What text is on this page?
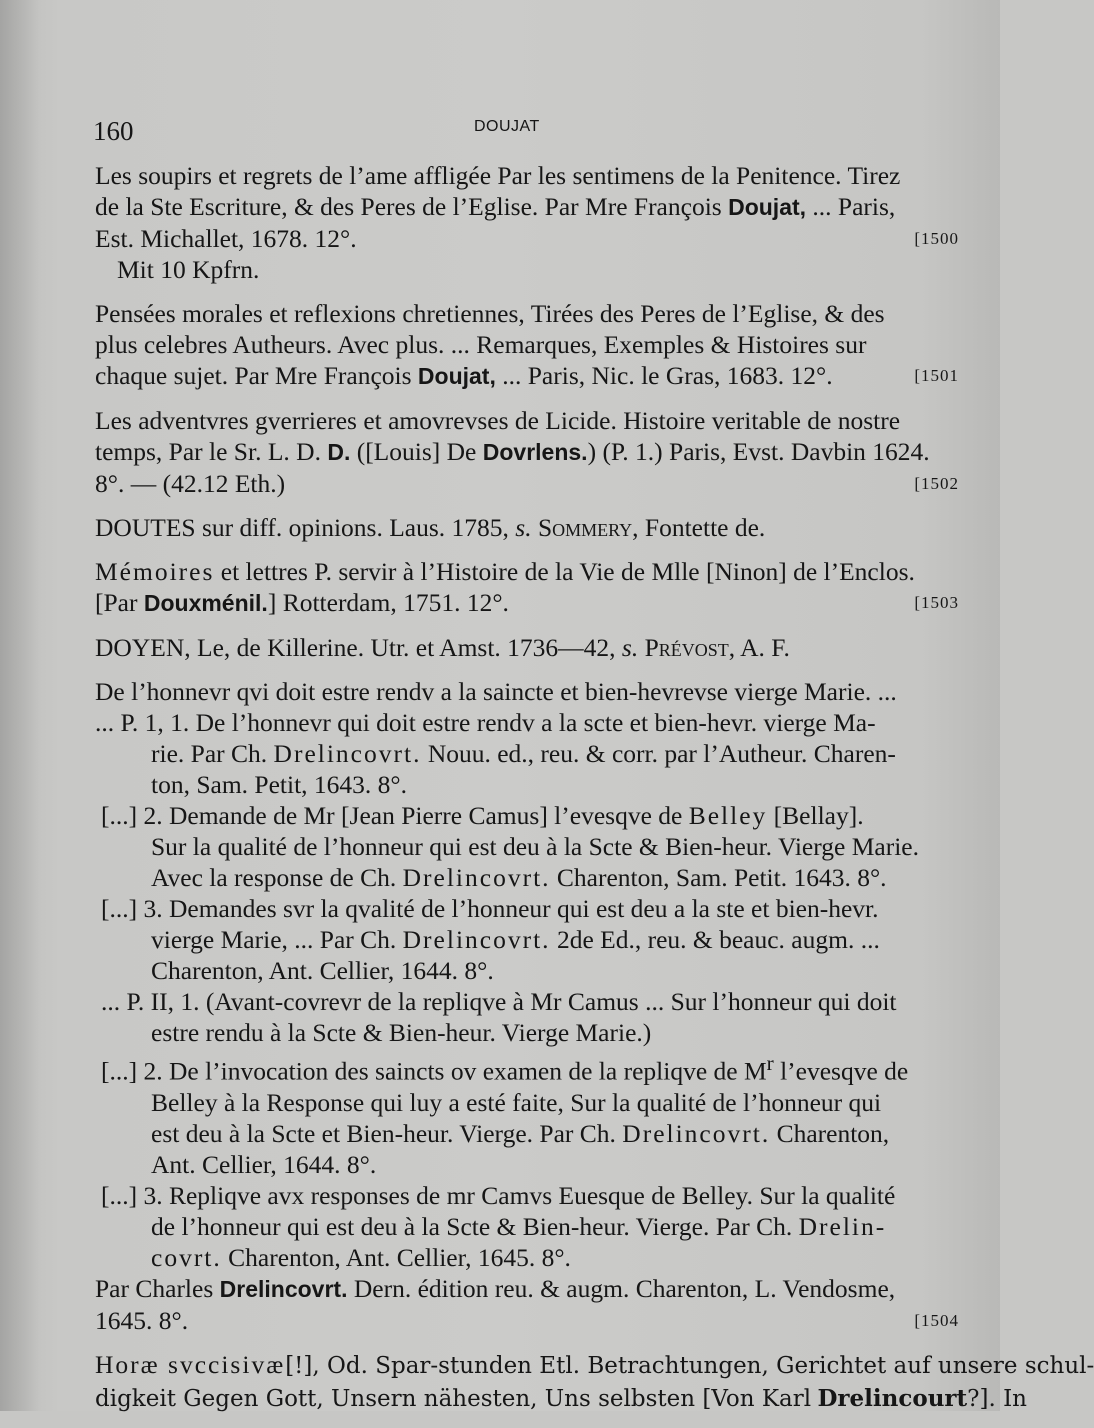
160	DOUJAT
Les soupirs et regrets de l’ame affligée Par les sentimens de la Penitence. Tirez
de la Ste Escriture, & des Peres de l’Eglise. Par Mre François Doujat, ... Paris,
Est. Michallet, 1678. 12°.	[1500
Mit 10 Kpfrn.
Pensées morales et reflexions chretiennes, Tirées des Peres de l’Eglise, & des
plus celebres Autheurs. Avec plus. ... Remarques, Exemples & Histoires sur
chaque sujet. Par Mre François Doujat, ... Paris, Nic. le Gras, 1683. 12°.	[1501
Les adventvres gverrieres et amovrevses de Licide. Histoire veritable de nostre
temps, Par le Sr. L. D. D. ([Louis] De Dovrlens.) (P. 1.) Paris, Evst. Davbin 1624.
8°. — (42.12 Eth.)	[1502
DOUTES sur diff. opinions. Laus. 1785, s. Sommery, Fontette de.
Mémoires et lettres P. servir à l’Histoire de la Vie de Mlle [Ninon] de l’Enclos.
[Par Douxménil.] Rotterdam, 1751. 12°.	[1503
DOYEN, Le, de Killerine. Utr. et Amst. 1736—42, s. Prévost, A. F.
De l’honnevr qvi doit estre rendv a la saincte et bien-hevrevse vierge Marie. ...
... P. 1, 1. De l’honnevr qui doit estre rendv a la scte et bien-hevr. vierge Ma-
rie. Par Ch. Drelincovrt. Nouu. ed., reu. & corr. par l’Autheur. Charen-
ton, Sam. Petit, 1643. 8°.
[...] 2. Demande de Mr [Jean Pierre Camus] l’evesqve de Belley [Bellay].
Sur la qualité de l’honneur qui est deu à la Scte & Bien-heur. Vierge Marie.
Avec la response de Ch. Drelincovrt. Charenton, Sam. Petit. 1643. 8°.
[...] 3. Demandes svr la qvalité de l’honneur qui est deu a la ste et bien-hevr.
vierge Marie, ... Par Ch. Drelincovrt. 2de Ed., reu. & beauc. augm. ...
Charenton, Ant. Cellier, 1644. 8°.
... P. II, 1. (Avant-covrevr de la repliqve à Mr Camus ... Sur l’honneur qui doit
estre rendu à la Scte & Bien-heur. Vierge Marie.)
[...] 2. De l’invocation des saincts ov examen de la repliqve de $M^r$ l’evesqve de
Belley à la Response qui luy a esté faite, Sur la qualité de l’honneur qui
est deu à la Scte et Bien-heur. Vierge. Par Ch. Drelincovrt. Charenton,
Ant. Cellier, 1644. 8°.
[...] 3. Repliqve avx responses de mr Camvs Euesque de Belley. Sur la qualité
de l’honneur qui est deu à la Scte & Bien-heur. Vierge. Par Ch. Drelin-
covrt. Charenton, Ant. Cellier, 1645. 8°.
Par Charles Drelincovrt. Dern. édition reu. & augm. Charenton, L. Vendosme,
1645. 8°.	[1504
Horæ svccisivæ[!], Od. Spar-stunden Etl. Betrachtungen, Gerichtet auf unsere schul-
digkeit Gegen Gott, Unsern nähesten, Uns selbsten [Von Karl Drelincourt?]. In
